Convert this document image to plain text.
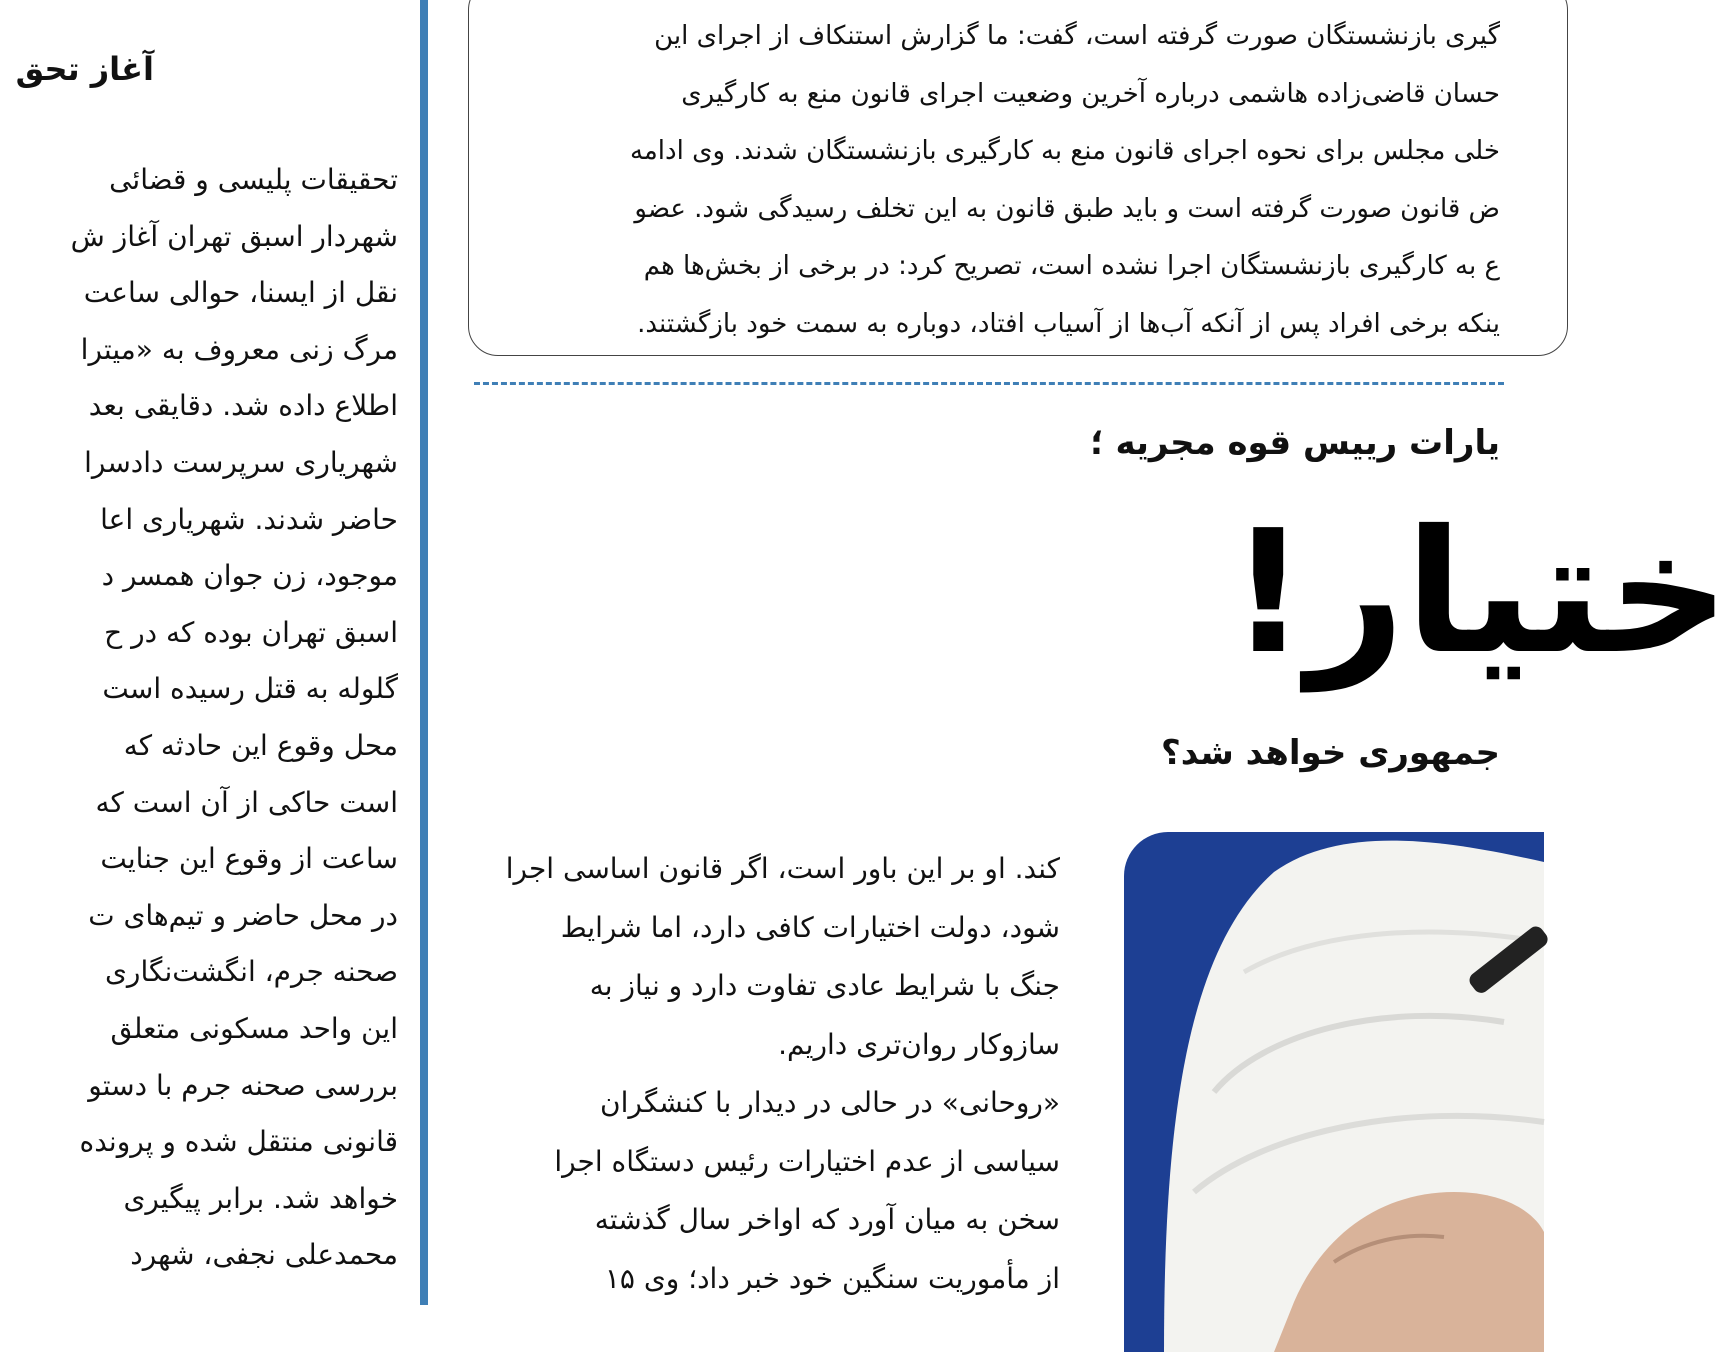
آغاز تحق
تحقیقات پلیسی و قضائی
شهردار اسبق تهران آغاز ش
نقل از ایسنا، حوالی ساعت
مرگ زنی معروف به «میترا
اطلاع داده شد. دقایقی بعد
شهریاری سرپرست دادسرا
حاضر شدند. شهریاری اعا
موجود، زن جوان همسر د
اسبق تهران بوده که در ح
گلوله به قتل رسیده است
محل وقوع این حادثه که
است حاکی از آن است که
ساعت از وقوع این جنایت
در محل حاضر و تیم‌های ت
صحنه جرم، انگشت‌نگاری
این واحد مسکونی متعلق
بررسی صحنه جرم با دستو
قانونی منتقل شده و پرونده
خواهد شد. برابر پیگیری
محمدعلی نجفی، شهرد
گیری بازنشستگان صورت گرفته است، گفت: ما گزارش استنکاف از اجرای این
حسان قاضی‌زاده هاشمی درباره آخرین وضعیت اجرای قانون منع به کارگیری
خلی مجلس برای نحوه اجرای قانون منع به کارگیری بازنشستگان شدند. وی ادامه
ض قانون صورت گرفته است و باید طبق قانون به این تخلف رسیدگی شود. عضو
ع به کارگیری بازنشستگان اجرا نشده است، تصریح کرد: در برخی از بخش‌ها هم
ینکه برخی افراد پس از آنکه آب‌ها از آسیاب افتاد، دوباره به سمت خود بازگشتند.
یارات رییس قوه مجریه ؛
ختیار!
جمهوری خواهد شد؟
کند. او بر این باور است، اگر قانون اساسی اجرا
شود، دولت اختیارات کافی دارد، اما شرایط
جنگ با شرایط عادی تفاوت دارد و نیاز به
سازوکار روان‌تری داریم.
«روحانی» در حالی در دیدار با کنشگران
سیاسی از عدم اختیارات رئیس دستگاه اجرا
سخن به میان آورد که اواخر سال گذشته
از مأموریت سنگین خود خبر داد؛ وی ۱۵
